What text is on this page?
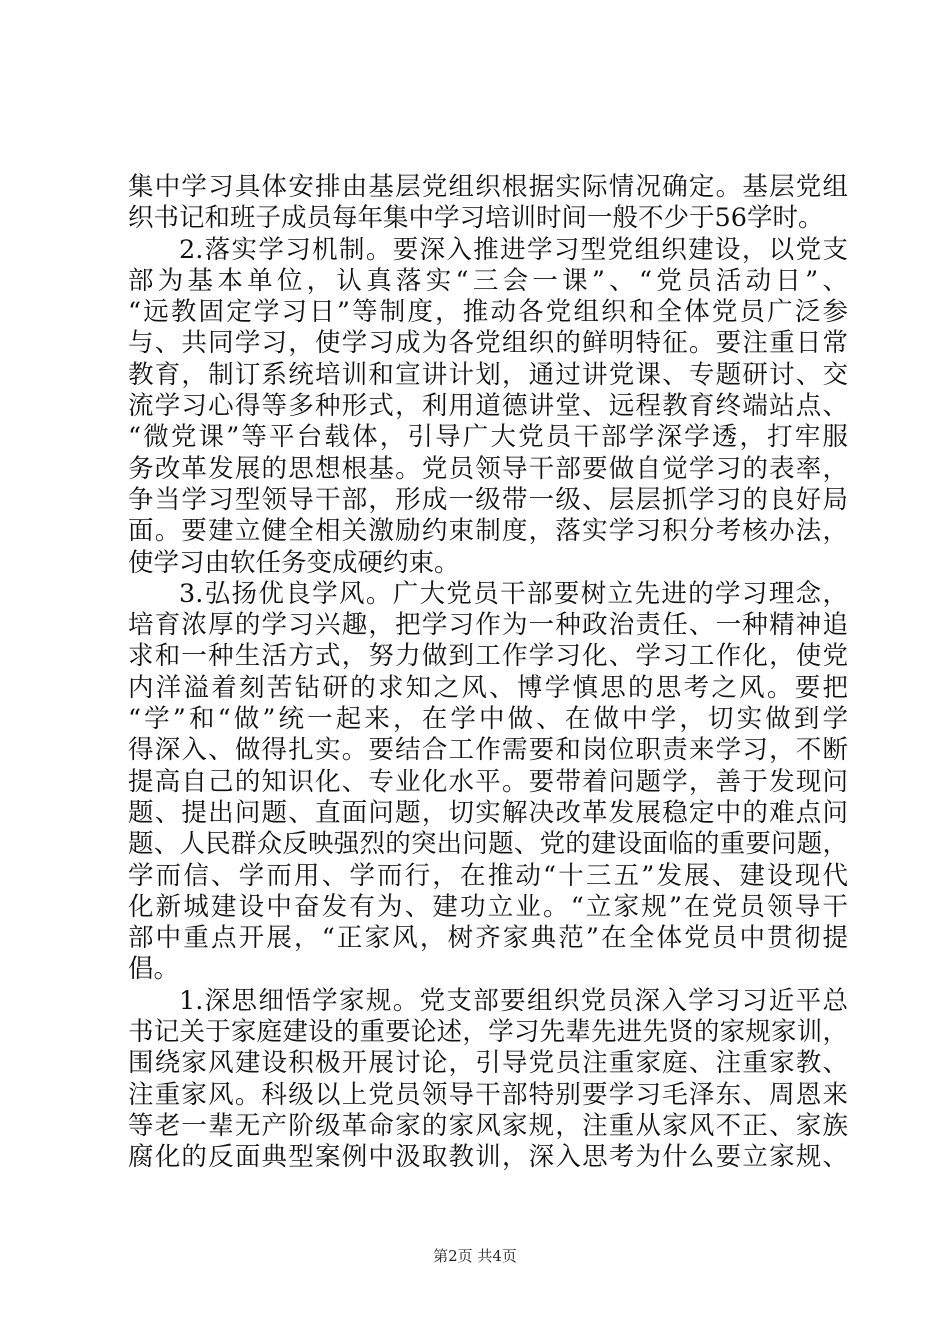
集中学习具体安排由基层党组织根据实际情况确定。基层党组
织书记和班子成员每年集中学习培训时间一般不少于56学时。
2.落实学习机制。要深入推进学习型党组织建设，以党支
部为基本单位，认真落实“三会一课”、“党员活动日”、
“远教固定学习日”等制度，推动各党组织和全体党员广泛参
与、共同学习，使学习成为各党组织的鲜明特征。要注重日常
教育，制订系统培训和宣讲计划，通过讲党课、专题研讨、交
流学习心得等多种形式，利用道德讲堂、远程教育终端站点、
“微党课”等平台载体，引导广大党员干部学深学透，打牢服
务改革发展的思想根基。党员领导干部要做自觉学习的表率，
争当学习型领导干部，形成一级带一级、层层抓学习的良好局
面。要建立健全相关激励约束制度，落实学习积分考核办法，
使学习由软任务变成硬约束。
3.弘扬优良学风。广大党员干部要树立先进的学习理念，
培育浓厚的学习兴趣，把学习作为一种政治责任、一种精神追
求和一种生活方式，努力做到工作学习化、学习工作化，使党
内洋溢着刻苦钻研的求知之风、博学慎思的思考之风。要把
“学”和“做”统一起来，在学中做、在做中学，切实做到学
得深入、做得扎实。要结合工作需要和岗位职责来学习，不断
提高自己的知识化、专业化水平。要带着问题学，善于发现问
题、提出问题、直面问题，切实解决改革发展稳定中的难点问
题、人民群众反映强烈的突出问题、党的建设面临的重要问题，
学而信、学而用、学而行，在推动“十三五”发展、建设现代
化新城建设中奋发有为、建功立业。“立家规”在党员领导干
部中重点开展，“正家风，树齐家典范”在全体党员中贯彻提
倡。
1.深思细悟学家规。党支部要组织党员深入学习习近平总
书记关于家庭建设的重要论述，学习先辈先进先贤的家规家训，
围绕家风建设积极开展讨论，引导党员注重家庭、注重家教、
注重家风。科级以上党员领导干部特别要学习毛泽东、周恩来
等老一辈无产阶级革命家的家风家规，注重从家风不正、家族
腐化的反面典型案例中汲取教训，深入思考为什么要立家规、
第2页 共4页
